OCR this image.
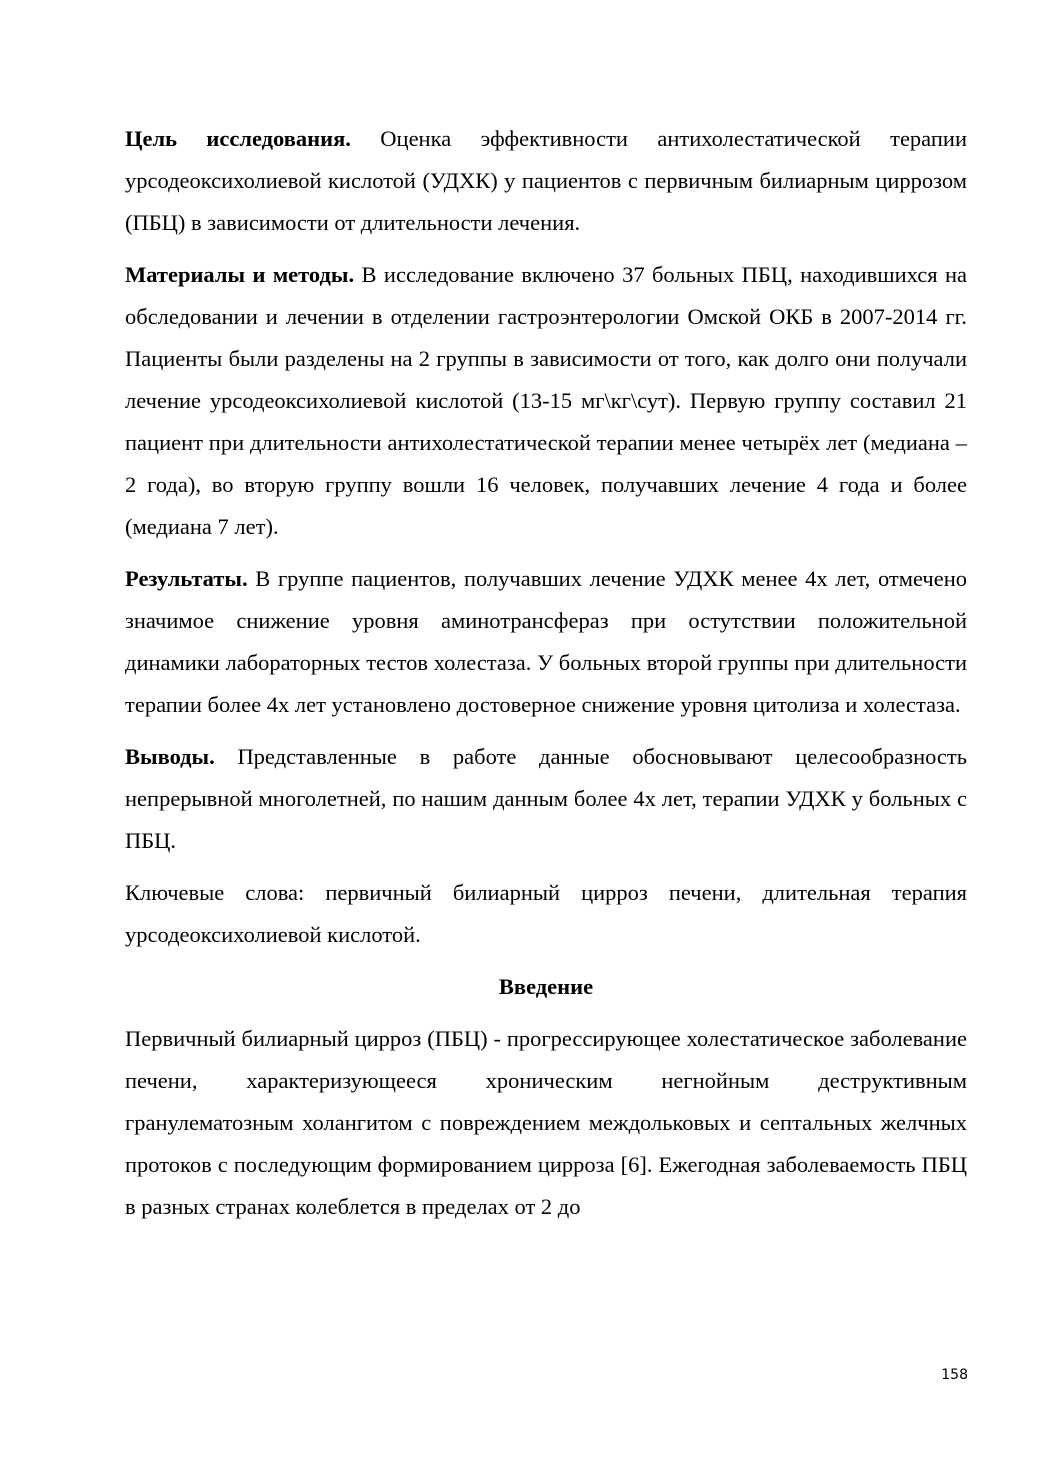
Цель исследования. Оценка эффективности антихолестатической терапии урсодеоксихолиевой кислотой (УДХК) у пациентов с первичным билиарным циррозом (ПБЦ) в зависимости от длительности лечения.

Материалы и методы. В исследование включено 37 больных ПБЦ, находившихся на обследовании и лечении в отделении гастроэнтерологии Омской ОКБ в 2007-2014 гг. Пациенты были разделены на 2 группы в зависимости от того, как долго они получали лечение урсодеоксихолиевой кислотой (13-15 мг\кг\сут). Первую группу составил 21 пациент при длительности антихолестатической терапии менее четырёх лет (медиана – 2 года), во вторую группу вошли 16 человек, получавших лечение 4 года и более (медиана 7 лет).

Результаты. В группе пациентов, получавших лечение УДХК менее 4х лет, отмечено значимое снижение уровня аминотрансфераз при остутствии положительной динамики лабораторных тестов холестаза. У больных второй группы при длительности терапии более 4х лет установлено достоверное снижение уровня цитолиза и холестаза.

Выводы. Представленные в работе данные обосновывают целесообразность непрерывной многолетней, по нашим данным более 4х лет, терапии УДХК у больных с ПБЦ.

Ключевые слова: первичный билиарный цирроз печени, длительная терапия урсодеоксихолиевой кислотой.

Введение

Первичный билиарный цирроз (ПБЦ) - прогрессирующее холестатическое заболевание печени, характеризующееся хроническим негнойным деструктивным гранулематозным холангитом с повреждением междольковых и септальных желчных протоков с последующим формированием цирроза [6]. Ежегодная заболеваемость ПБЦ в разных странах колеблется в пределах от 2 до

158
